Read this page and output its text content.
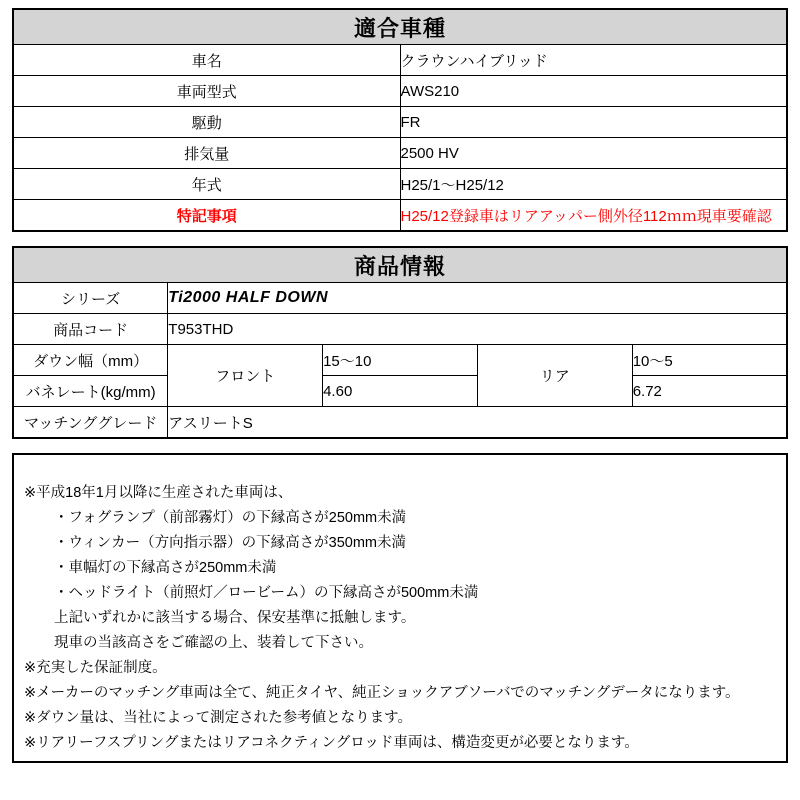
適合車種	
車名	クラウンハイブリッド
車両型式	AWS210
駆動	FR
排気量	2500 HV
年式	H25/1〜H25/12
特記事項	H25/12登録車はリアアッパー側外径112ｍｍ現車要確認
商品情報				
シリーズ	Ti2000 HALF DOWN			
商品コード	T953THD			
ダウン幅（mm）	フロント	15〜10	リア	10〜5
バネレート(kg/mm)		4.60		6.72
マッチンググレード	アスリートS			
※平成18年1月以降に生産された車両は、
・フォグランプ（前部霧灯）の下縁高さが250mm未満
・ウィンカー（方向指示器）の下縁高さが350mm未満
・車幅灯の下縁高さが250mm未満
・ヘッドライト（前照灯／ロービーム）の下縁高さが500mm未満
上記いずれかに該当する場合、保安基準に抵触します。
現車の当該高さをご確認の上、装着して下さい。
※充実した保証制度。
※メーカーのマッチング車両は全て、純正タイヤ、純正ショックアブソーバでのマッチングデータになります。
※ダウン量は、当社によって測定された参考値となります。
※リアリーフスプリングまたはリアコネクティングロッド車両は、構造変更が必要となります。
